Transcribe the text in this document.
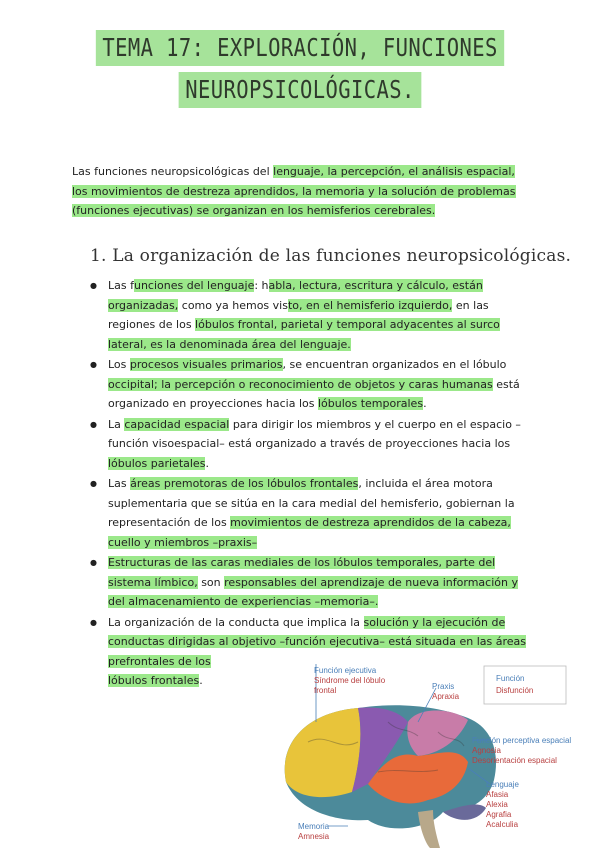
TEMA 17: EXPLORACIÓN, FUNCIONES
NEUROPSICOLÓGICAS.
Las funciones neuropsicológicas del lenguaje, la percepción, el análisis espacial, los movimientos de destreza aprendidos, la memoria y la solución de problemas (funciones ejecutivas) se organizan en los hemisferios cerebrales.
1. La organización de las funciones neuropsicológicas.
● Las funciones del lenguaje: habla, lectura, escritura y cálculo, están organizadas, como ya hemos visto, en el hemisferio izquierdo, en las regiones de los lóbulos frontal, parietal y temporal adyacentes al surco lateral, es la denominada área del lenguaje.
● Los procesos visuales primarios, se encuentran organizados en el lóbulo occipital; la percepción o reconocimiento de objetos y caras humanas está organizado en proyecciones hacia los lóbulos temporales.
● La capacidad espacial para dirigir los miembros y el cuerpo en el espacio –función visoespacial– está organizado a través de proyecciones hacia los lóbulos parietales.
● Las áreas premotoras de los lóbulos frontales, incluida el área motora suplementaria que se sitúa en la cara medial del hemisferio, gobiernan la representación de los movimientos de destreza aprendidos de la cabeza, cuello y miembros –praxis–
● Estructuras de las caras mediales de los lóbulos temporales, parte del sistema límbico, son responsables del aprendizaje de nueva información y del almacenamiento de experiencias –memoria–.
● La organización de la conducta que implica la solución y la ejecución de conductas dirigidas al objetivo –función ejecutiva– está situada en las áreas prefrontales de los
lóbulos frontales.
Función ejecutiva
Síndrome del lóbulo
frontal	Praxis
Apraxia
Función
Disfunción
Función perceptiva espacial
Agnosia
Desorientación espacial
Lenguaje
Afasia
Alexia
Agrafia
Acalculia
Memoria
Amnesia
